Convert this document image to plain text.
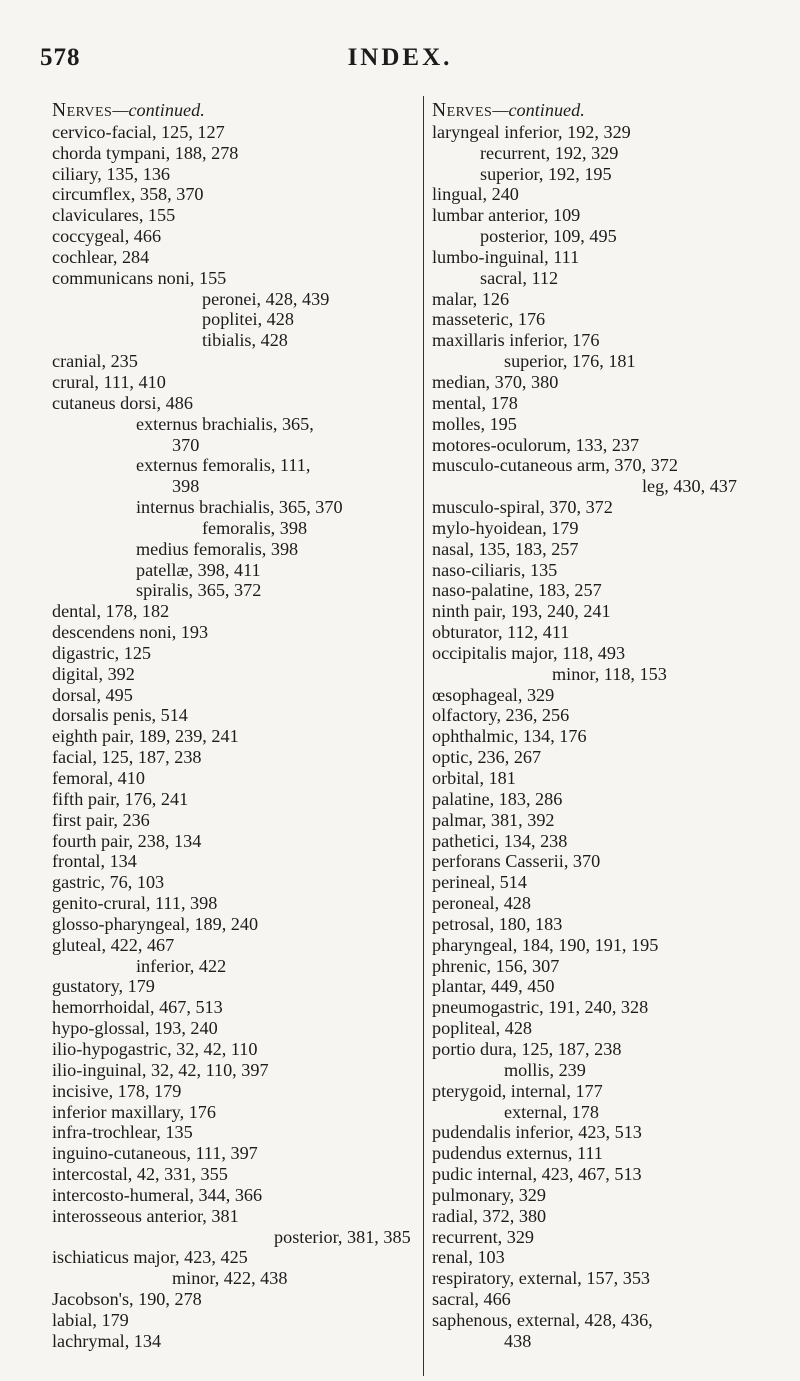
578	INDEX.
Nerves—continued.
cervico-facial, 125, 127
chorda tympani, 188, 278
ciliary, 135, 136
circumflex, 358, 370
claviculares, 155
coccygeal, 466
cochlear, 284
communicans noni, 155
peronei, 428, 439
poplitei, 428
tibialis, 428
cranial, 235
crural, 111, 410
cutaneus dorsi, 486
externus brachialis, 365,
370
externus femoralis, 111,
398
internus brachialis, 365, 370
femoralis, 398
medius femoralis, 398
patellæ, 398, 411
spiralis, 365, 372
dental, 178, 182
descendens noni, 193
digastric, 125
digital, 392
dorsal, 495
dorsalis penis, 514
eighth pair, 189, 239, 241
facial, 125, 187, 238
femoral, 410
fifth pair, 176, 241
first pair, 236
fourth pair, 238, 134
frontal, 134
gastric, 76, 103
genito-crural, 111, 398
glosso-pharyngeal, 189, 240
gluteal, 422, 467
inferior, 422
gustatory, 179
hemorrhoidal, 467, 513
hypo-glossal, 193, 240
ilio-hypogastric, 32, 42, 110
ilio-inguinal, 32, 42, 110, 397
incisive, 178, 179
inferior maxillary, 176
infra-trochlear, 135
inguino-cutaneous, 111, 397
intercostal, 42, 331, 355
intercosto-humeral, 344, 366
interosseous anterior, 381
posterior, 381, 385
ischiaticus major, 423, 425
minor, 422, 438
Jacobson's, 190, 278
labial, 179
lachrymal, 134
Nerves—continued.
laryngeal inferior, 192, 329
recurrent, 192, 329
superior, 192, 195
lingual, 240
lumbar anterior, 109
posterior, 109, 495
lumbo-inguinal, 111
sacral, 112
malar, 126
masseteric, 176
maxillaris inferior, 176
superior, 176, 181
median, 370, 380
mental, 178
molles, 195
motores-oculorum, 133, 237
musculo-cutaneous arm, 370, 372
leg, 430, 437
musculo-spiral, 370, 372
mylo-hyoidean, 179
nasal, 135, 183, 257
naso-ciliaris, 135
naso-palatine, 183, 257
ninth pair, 193, 240, 241
obturator, 112, 411
occipitalis major, 118, 493
minor, 118, 153
œsophageal, 329
olfactory, 236, 256
ophthalmic, 134, 176
optic, 236, 267
orbital, 181
palatine, 183, 286
palmar, 381, 392
pathetici, 134, 238
perforans Casserii, 370
perineal, 514
peroneal, 428
petrosal, 180, 183
pharyngeal, 184, 190, 191, 195
phrenic, 156, 307
plantar, 449, 450
pneumogastric, 191, 240, 328
popliteal, 428
portio dura, 125, 187, 238
mollis, 239
pterygoid, internal, 177
external, 178
pudendalis inferior, 423, 513
pudendus externus, 111
pudic internal, 423, 467, 513
pulmonary, 329
radial, 372, 380
recurrent, 329
renal, 103
respiratory, external, 157, 353
sacral, 466
saphenous, external, 428, 436,
438
